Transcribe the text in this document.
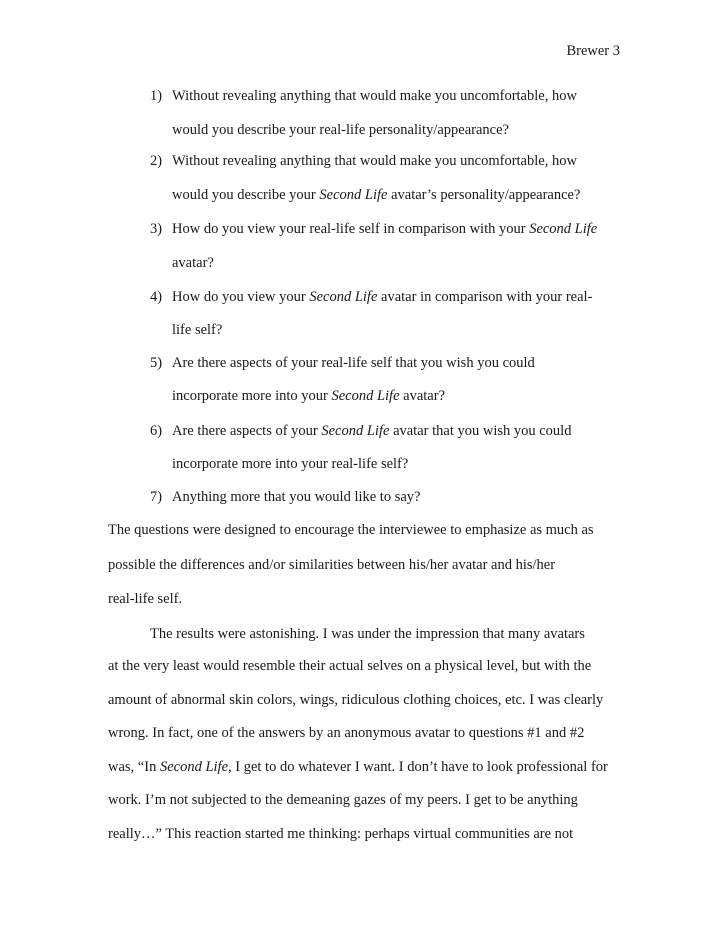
Brewer 3
1) Without revealing anything that would make you uncomfortable, how
would you describe your real-life personality/appearance?
2) Without revealing anything that would make you uncomfortable, how
would you describe your Second Life avatar’s personality/appearance?
3) How do you view your real-life self in comparison with your Second Life
avatar?
4) How do you view your Second Life avatar in comparison with your real-
life self?
5) Are there aspects of your real-life self that you wish you could
incorporate more into your Second Life avatar?
6) Are there aspects of your Second Life avatar that you wish you could
incorporate more into your real-life self?
7) Anything more that you would like to say?
The questions were designed to encourage the interviewee to emphasize as much as
possible the differences and/or similarities between his/her avatar and his/her
real-life self.
The results were astonishing. I was under the impression that many avatars
at the very least would resemble their actual selves on a physical level, but with the
amount of abnormal skin colors, wings, ridiculous clothing choices, etc. I was clearly
wrong. In fact, one of the answers by an anonymous avatar to questions #1 and #2
was, “In Second Life, I get to do whatever I want. I don’t have to look professional for
work. I’m not subjected to the demeaning gazes of my peers. I get to be anything
really…” This reaction started me thinking: perhaps virtual communities are not
